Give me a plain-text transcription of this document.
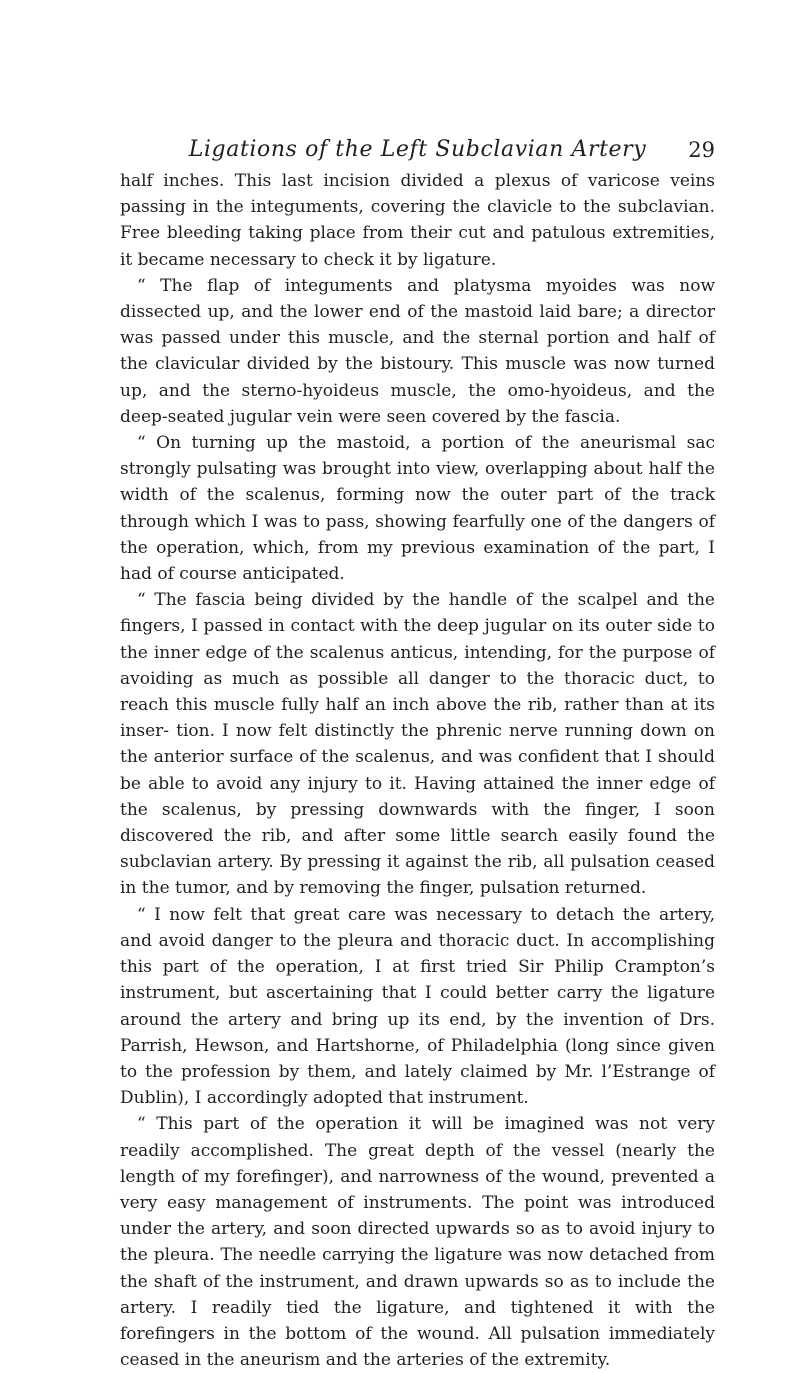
Ligations of the Left Subclavian Artery	29

half inches. This last incision divided a plexus of varicose veins passing in the integuments, covering the clavicle to the subclavian. Free bleeding taking place from their cut and patulous extremities, it became necessary to check it by ligature.

“ The flap of integuments and platysma myoides was now dissected up, and the lower end of the mastoid laid bare; a director was passed under this muscle, and the sternal portion and half of the clavicular divided by the bistoury. This muscle was now turned up, and the sterno-hyoideus muscle, the omo-hyoideus, and the deep-seated jugular vein were seen covered by the fascia.

“ On turning up the mastoid, a portion of the aneurismal sac strongly pulsating was brought into view, overlapping about half the width of the scalenus, forming now the outer part of the track through which I was to pass, showing fearfully one of the dangers of the operation, which, from my previous examination of the part, I had of course anticipated.

“ The fascia being divided by the handle of the scalpel and the fingers, I passed in contact with the deep jugular on its outer side to the inner edge of the scalenus anticus, intending, for the purpose of avoiding as much as possible all danger to the thoracic duct, to reach this muscle fully half an inch above the rib, rather than at its inser- tion. I now felt distinctly the phrenic nerve running down on the anterior surface of the scalenus, and was confident that I should be able to avoid any injury to it. Having attained the inner edge of the scalenus, by pressing downwards with the finger, I soon discovered the rib, and after some little search easily found the subclavian artery. By pressing it against the rib, all pulsation ceased in the tumor, and by removing the finger, pulsation returned.

“ I now felt that great care was necessary to detach the artery, and avoid danger to the pleura and thoracic duct. In accomplishing this part of the operation, I at first tried Sir Philip Crampton’s instrument, but ascertaining that I could better carry the ligature around the artery and bring up its end, by the invention of Drs. Parrish, Hewson, and Hartshorne, of Philadelphia (long since given to the profession by them, and lately claimed by Mr. l’Estrange of Dublin), I accordingly adopted that instrument.

“ This part of the operation it will be imagined was not very readily accomplished. The great depth of the vessel (nearly the length of my forefinger), and narrowness of the wound, prevented a very easy management of instruments. The point was introduced under the artery, and soon directed upwards so as to avoid injury to the pleura. The needle carrying the ligature was now detached from the shaft of the instrument, and drawn upwards so as to include the artery. I readily tied the ligature, and tightened it with the forefingers in the bottom of the wound. All pulsation immediately ceased in the aneurism and the arteries of the extremity.
